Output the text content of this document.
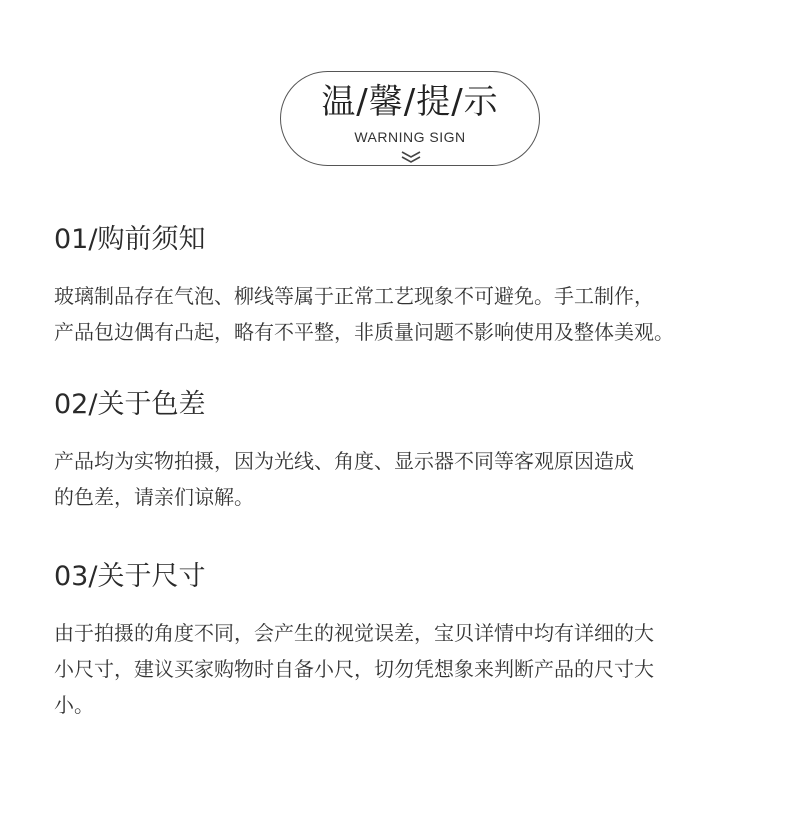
温/馨/提/示
WARNING SIGN
01/购前须知

玻璃制品存在气泡、柳线等属于正常工艺现象不可避免。手工制作，

产品包边偶有凸起，略有不平整，非质量问题不影响使用及整体美观。

02/关于色差

产品均为实物拍摄，因为光线、角度、显示器不同等客观原因造成

的色差，请亲们谅解。

03/关于尺寸

由于拍摄的角度不同，会产生的视觉误差，宝贝详情中均有详细的大

小尺寸，建议买家购物时自备小尺，切勿凭想象来判断产品的尺寸大

小。
